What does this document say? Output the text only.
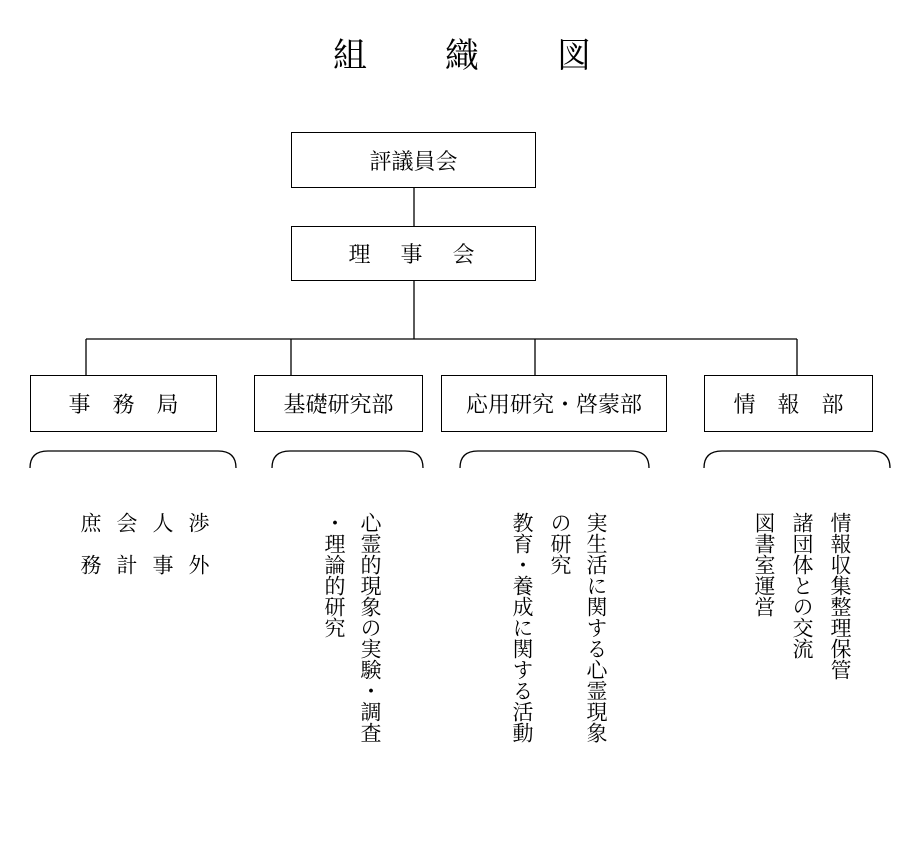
組　織　図
評議員会
理　事　会
事　務　局	基礎研究部	応用研究・啓蒙部	情　報　部
渉　外
人　事
会　計
庶　務	心霊的現象の実験・調査
・理論的研究	実生活に関する心霊現象
の研究
教育・養成に関する活動	情報収集整理保管
諸団体との交流
図書室運営
